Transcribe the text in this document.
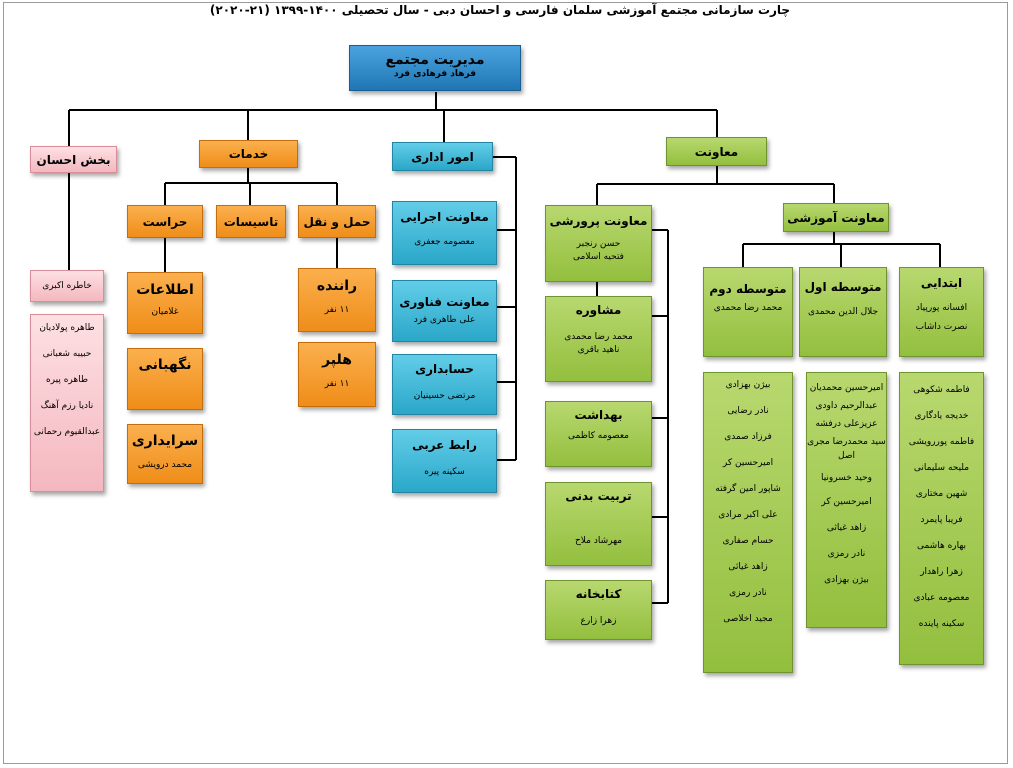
چارت سازمانی مجتمع آموزشی سلمان فارسی و احسان دبی - سال تحصیلی ۱۴۰۰-۱۳۹۹ (۲۱-۲۰۲۰)
مدیریت مجتمع
فرهاد فرهادی فرد
بخش احسان
خاطره اکبری
طاهره پولادیان
حبیبه شعبانی
طاهره پیره
نادیا رزم آهنگ
عبدالقیوم رحمانی
خدمات
حراست	تاسیسات	حمل و نقل
اطلاعات
غلامیان
نگهبانی
سرایداری
محمد درویشی
راننده
۱۱ نفر
هلپر
۱۱ نفر
امور اداری
معاونت اجرایی
معصومه جعفری
معاونت فناوری
علی طاهری فرد
حسابداری
مرتضی حسینیان
رابط عربی
سکینه پیره
معاونت
معاونت پرورشی
حسن رنجبر
فتحیه اسلامی
مشاوره
محمد رضا محمدی
ناهید باقری
بهداشت
معصومه کاظمی
تربیت بدنی
مهرشاد ملاح
کتابخانه
زهرا زارع
معاونت آموزشی
متوسطه دوم
محمد رضا محمدی
متوسطه اول
جلال الدین محمدی
ابتدایی
افسانه پورپیاد
نصرت داشاب
بیژن بهزادی
نادر رضایی
فرزاد صمدی
امیرحسین کر
شاپور امین گرفته
علی اکبر مرادی
حسام صفاری
زاهد غیاثی
نادر رمزی
مجید اخلاصی
امیرحسین محمدیان
عبدالرحیم داودی
عزیزعلی درفشه
سید محمدرضا مجری اصل
وحید خسرونیا
امیرحسین کر
زاهد غیاثی
نادر رمزی
بیژن بهزادی
فاطمه شکوهی
خدیجه یادگاری
فاطمه پوررویشی
ملیحه سلیمانی
شهین مختاری
فریبا پایمرد
بهاره هاشمی
زهرا راهدار
معصومه عبادی
سکینه پاینده
